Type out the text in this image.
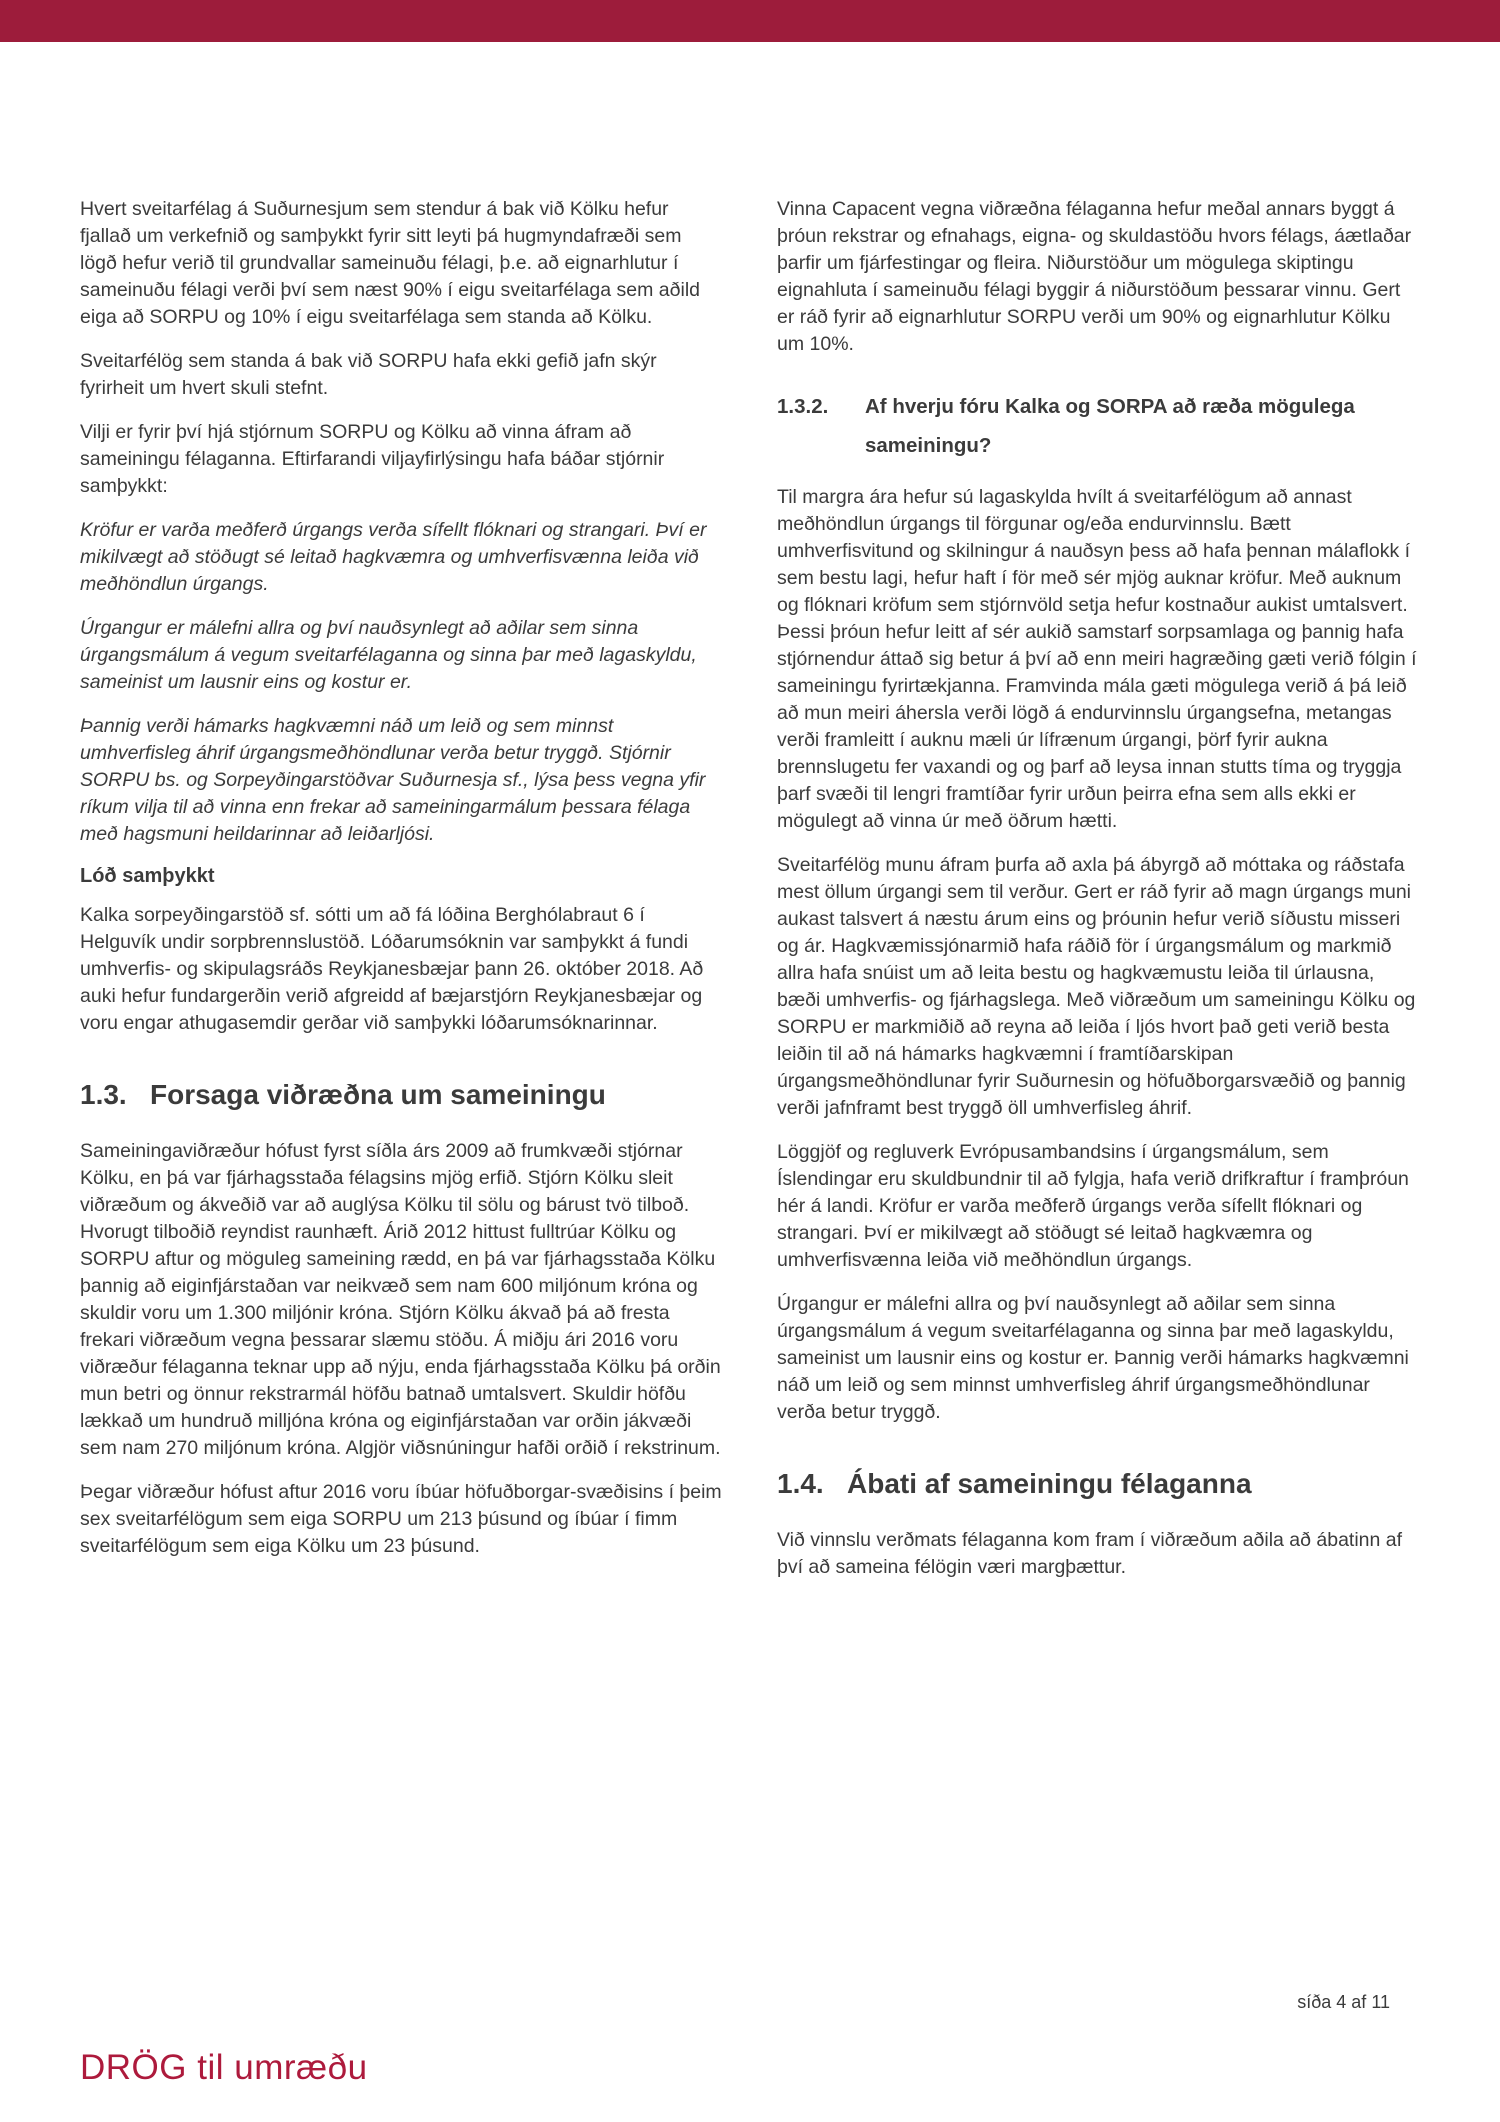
Hvert sveitarfélag á Suðurnesjum sem stendur á bak við Kölku hefur fjallað um verkefnið og samþykkt fyrir sitt leyti þá hugmyndafræði sem lögð hefur verið til grundvallar sameinuðu félagi, þ.e. að eignarhlutur í sameinuðu félagi verði því sem næst 90% í eigu sveitarfélaga sem aðild eiga að SORPU og 10% í eigu sveitarfélaga sem standa að Kölku.

Sveitarfélög sem standa á bak við SORPU hafa ekki gefið jafn skýr fyrirheit um hvert skuli stefnt.

Vilji er fyrir því hjá stjórnum SORPU og Kölku að vinna áfram að sameiningu félaganna. Eftirfarandi viljayfirlýsingu hafa báðar stjórnir samþykkt:

Kröfur er varða meðferð úrgangs verða sífellt flóknari og strangari. Því er mikilvægt að stöðugt sé leitað hagkvæmra og umhverfisvænna leiða við meðhöndlun úrgangs.

Úrgangur er málefni allra og því nauðsynlegt að aðilar sem sinna úrgangsmálum á vegum sveitarfélaganna og sinna þar með lagaskyldu, sameinist um lausnir eins og kostur er.

Þannig verði hámarks hagkvæmni náð um leið og sem minnst umhverfisleg áhrif úrgangsmeðhöndlunar verða betur tryggð. Stjórnir SORPU bs. og Sorpeyðingarstöðvar Suðurnesja sf., lýsa þess vegna yfir ríkum vilja til að vinna enn frekar að sameiningarmálum þessara félaga með hagsmuni heildarinnar að leiðarljósi.

Lóð samþykkt

Kalka sorpeyðingarstöð sf. sótti um að fá lóðina Berghólabraut 6 í Helguvík undir sorpbrennslustöð. Lóðarumsóknin var samþykkt á fundi umhverfis- og skipulagsráðs Reykjanesbæjar þann 26. október 2018. Að auki hefur fundargerðin verið afgreidd af bæjarstjórn Reykjanesbæjar og voru engar athugasemdir gerðar við samþykki lóðarumsóknarinnar.

1.3. Forsaga viðræðna um sameiningu

Sameiningaviðræður hófust fyrst síðla árs 2009 að frumkvæði stjórnar Kölku, en þá var fjárhagsstaða félagsins mjög erfið. Stjórn Kölku sleit viðræðum og ákveðið var að auglýsa Kölku til sölu og bárust tvö tilboð. Hvorugt tilboðið reyndist raunhæft. Árið 2012 hittust fulltrúar Kölku og SORPU aftur og möguleg sameining rædd, en þá var fjárhagsstaða Kölku þannig að eiginfjárstaðan var neikvæð sem nam 600 miljónum króna og skuldir voru um 1.300 miljónir króna. Stjórn Kölku ákvað þá að fresta frekari viðræðum vegna þessarar slæmu stöðu. Á miðju ári 2016 voru viðræður félaganna teknar upp að nýju, enda fjárhagsstaða Kölku þá orðin mun betri og önnur rekstrarmál höfðu batnað umtalsvert. Skuldir höfðu lækkað um hundruð milljóna króna og eiginfjárstaðan var orðin jákvæði sem nam 270 miljónum króna. Algjör viðsnúningur hafði orðið í rekstrinum.

Þegar viðræður hófust aftur 2016 voru íbúar höfuðborgar-svæðisins í þeim sex sveitarfélögum sem eiga SORPU um 213 þúsund og íbúar í fimm sveitarfélögum sem eiga Kölku um 23 þúsund.

Vinna Capacent vegna viðræðna félaganna hefur meðal annars byggt á þróun rekstrar og efnahags, eigna- og skuldastöðu hvors félags, áætlaðar þarfir um fjárfestingar og fleira. Niðurstöður um mögulega skiptingu eignahluta í sameinuðu félagi byggir á niðurstöðum þessarar vinnu. Gert er ráð fyrir að eignarhlutur SORPU verði um 90% og eignarhlutur Kölku um 10%.

1.3.2.	Af hverju fóru Kalka og SORPA að ræða mögulega sameiningu?

Til margra ára hefur sú lagaskylda hvílt á sveitarfélögum að annast meðhöndlun úrgangs til förgunar og/eða endurvinnslu. Bætt umhverfisvitund og skilningur á nauðsyn þess að hafa þennan málaflokk í sem bestu lagi, hefur haft í för með sér mjög auknar kröfur. Með auknum og flóknari kröfum sem stjórnvöld setja hefur kostnaður aukist umtalsvert. Þessi þróun hefur leitt af sér aukið samstarf sorpsamlaga og þannig hafa stjórnendur áttað sig betur á því að enn meiri hagræðing gæti verið fólgin í sameiningu fyrirtækjanna. Framvinda mála gæti mögulega verið á þá leið að mun meiri áhersla verði lögð á endurvinnslu úrgangsefna, metangas verði framleitt í auknu mæli úr lífrænum úrgangi, þörf fyrir aukna brennslugetu fer vaxandi og og þarf að leysa innan stutts tíma og tryggja þarf svæði til lengri framtíðar fyrir urðun þeirra efna sem alls ekki er mögulegt að vinna úr með öðrum hætti.

Sveitarfélög munu áfram þurfa að axla þá ábyrgð að móttaka og ráðstafa mest öllum úrgangi sem til verður. Gert er ráð fyrir að magn úrgangs muni aukast talsvert á næstu árum eins og þróunin hefur verið síðustu misseri og ár. Hagkvæmissjónarmið hafa ráðið för í úrgangsmálum og markmið allra hafa snúist um að leita bestu og hagkvæmustu leiða til úrlausna, bæði umhverfis- og fjárhagslega. Með viðræðum um sameiningu Kölku og SORPU er markmiðið að reyna að leiða í ljós hvort það geti verið besta leiðin til að ná hámarks hagkvæmni í framtíðarskipan úrgangsmeðhöndlunar fyrir Suðurnesin og höfuðborgarsvæðið og þannig verði jafnframt best tryggð öll umhverfisleg áhrif.

Löggjöf og regluverk Evrópusambandsins í úrgangsmálum, sem Íslendingar eru skuldbundnir til að fylgja, hafa verið drifkraftur í framþróun hér á landi. Kröfur er varða meðferð úrgangs verða sífellt flóknari og strangari. Því er mikilvægt að stöðugt sé leitað hagkvæmra og umhverfisvænna leiða við meðhöndlun úrgangs.

Úrgangur er málefni allra og því nauðsynlegt að aðilar sem sinna úrgangsmálum á vegum sveitarfélaganna og sinna þar með lagaskyldu, sameinist um lausnir eins og kostur er. Þannig verði hámarks hagkvæmni náð um leið og sem minnst umhverfisleg áhrif úrgangsmeðhöndlunar verða betur tryggð.

1.4. Ábati af sameiningu félaganna

Við vinnslu verðmats félaganna kom fram í viðræðum aðila að ábatinn af því að sameina félögin væri margþættur.

síða 4 af 11
DRÖG til umræðu
